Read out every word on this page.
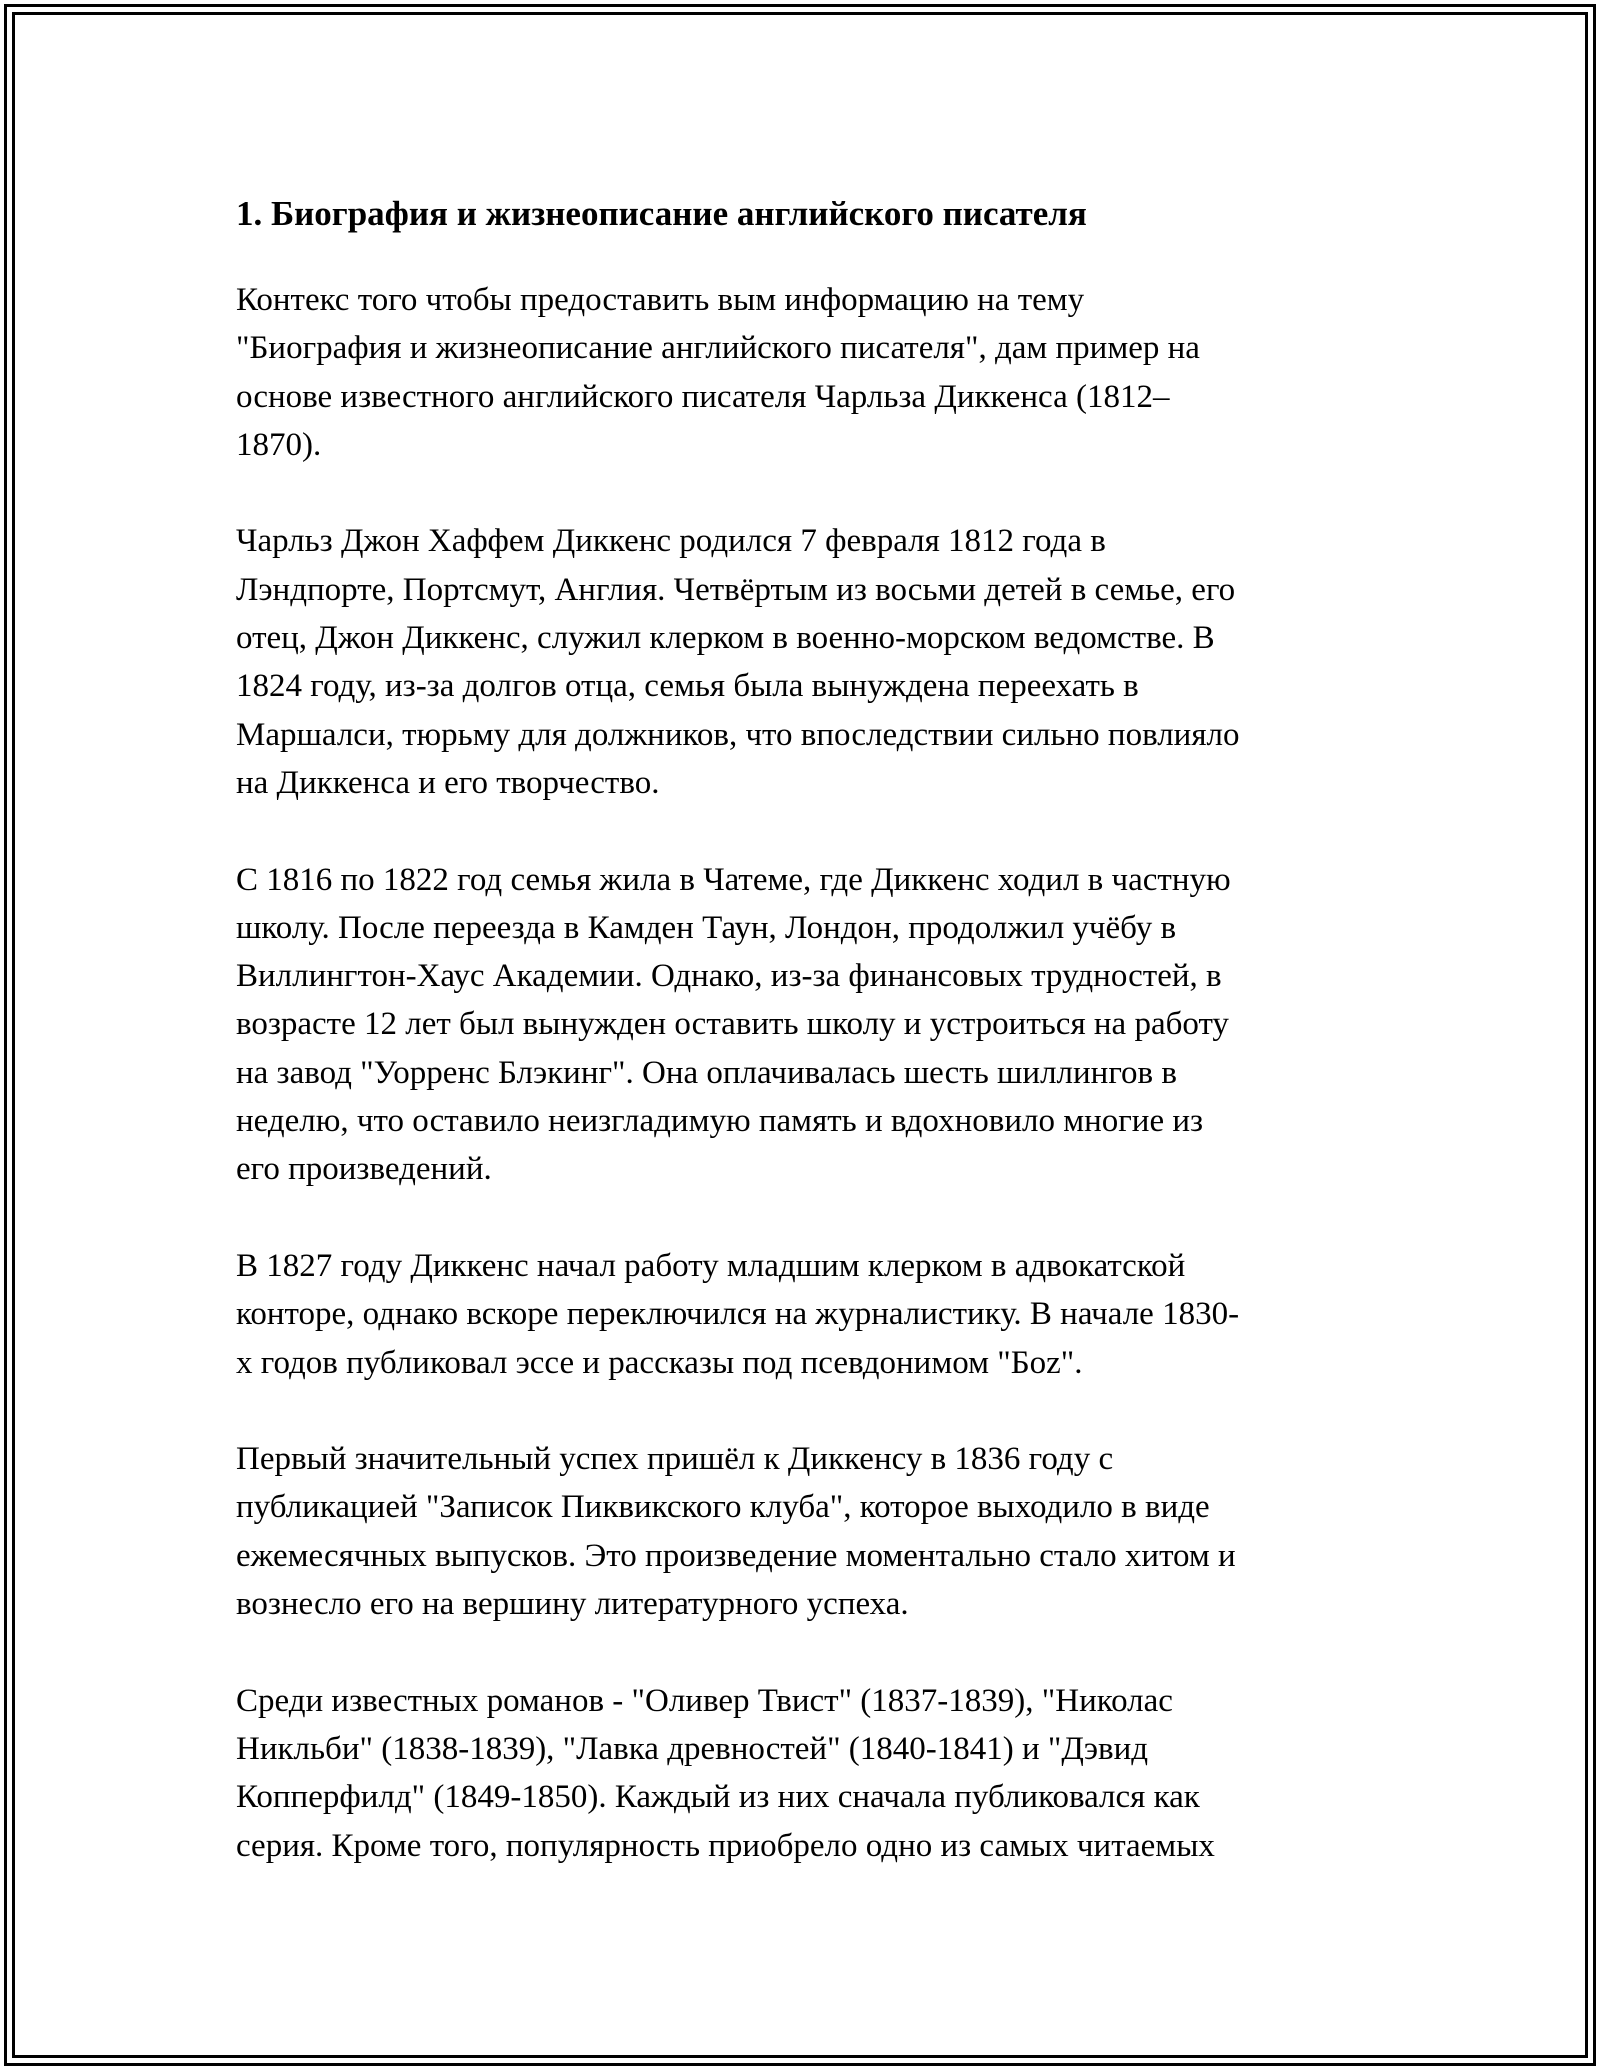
1. Биография и жизнеописание английского писателя
Контекс того чтобы предоставить вым информацию на тему
"Биография и жизнеописание английского писателя", дам пример на
основе известного английского писателя Чарльза Диккенса (1812–
1870).
Чарльз Джон Хаффем Диккенс родился 7 февраля 1812 года в
Лэндпорте, Портсмут, Англия. Четвёртым из восьми детей в семье, его
отец, Джон Диккенс, служил клерком в военно-морском ведомстве. В
1824 году, из-за долгов отца, семья была вынуждена переехать в
Маршалси, тюрьму для должников, что впоследствии сильно повлияло
на Диккенса и его творчество.
С 1816 по 1822 год семья жила в Чатеме, где Диккенс ходил в частную
школу. После переезда в Камден Таун, Лондон, продолжил учёбу в
Виллингтон-Хаус Академии. Однако, из-за финансовых трудностей, в
возрасте 12 лет был вынужден оставить школу и устроиться на работу
на завод "Уорренс Блэкинг". Она оплачивалась шесть шиллингов в
неделю, что оставило неизгладимую память и вдохновило многие из
его произведений.
В 1827 году Диккенс начал работу младшим клерком в адвокатской
конторе, однако вскоре переключился на журналистику. В начале 1830-
х годов публиковал эссе и рассказы под псевдонимом "Боz".
Первый значительный успех пришёл к Диккенсу в 1836 году с
публикацией "Записок Пиквикского клуба", которое выходило в виде
ежемесячных выпусков. Это произведение моментально стало хитом и
вознесло его на вершину литературного успеха.
Среди известных романов - "Оливер Твист" (1837-1839), "Николас
Никльби" (1838-1839), "Лавка древностей" (1840-1841) и "Дэвид
Копперфилд" (1849-1850). Каждый из них сначала публиковался как
серия. Кроме того, популярность приобрело одно из самых читаемых
